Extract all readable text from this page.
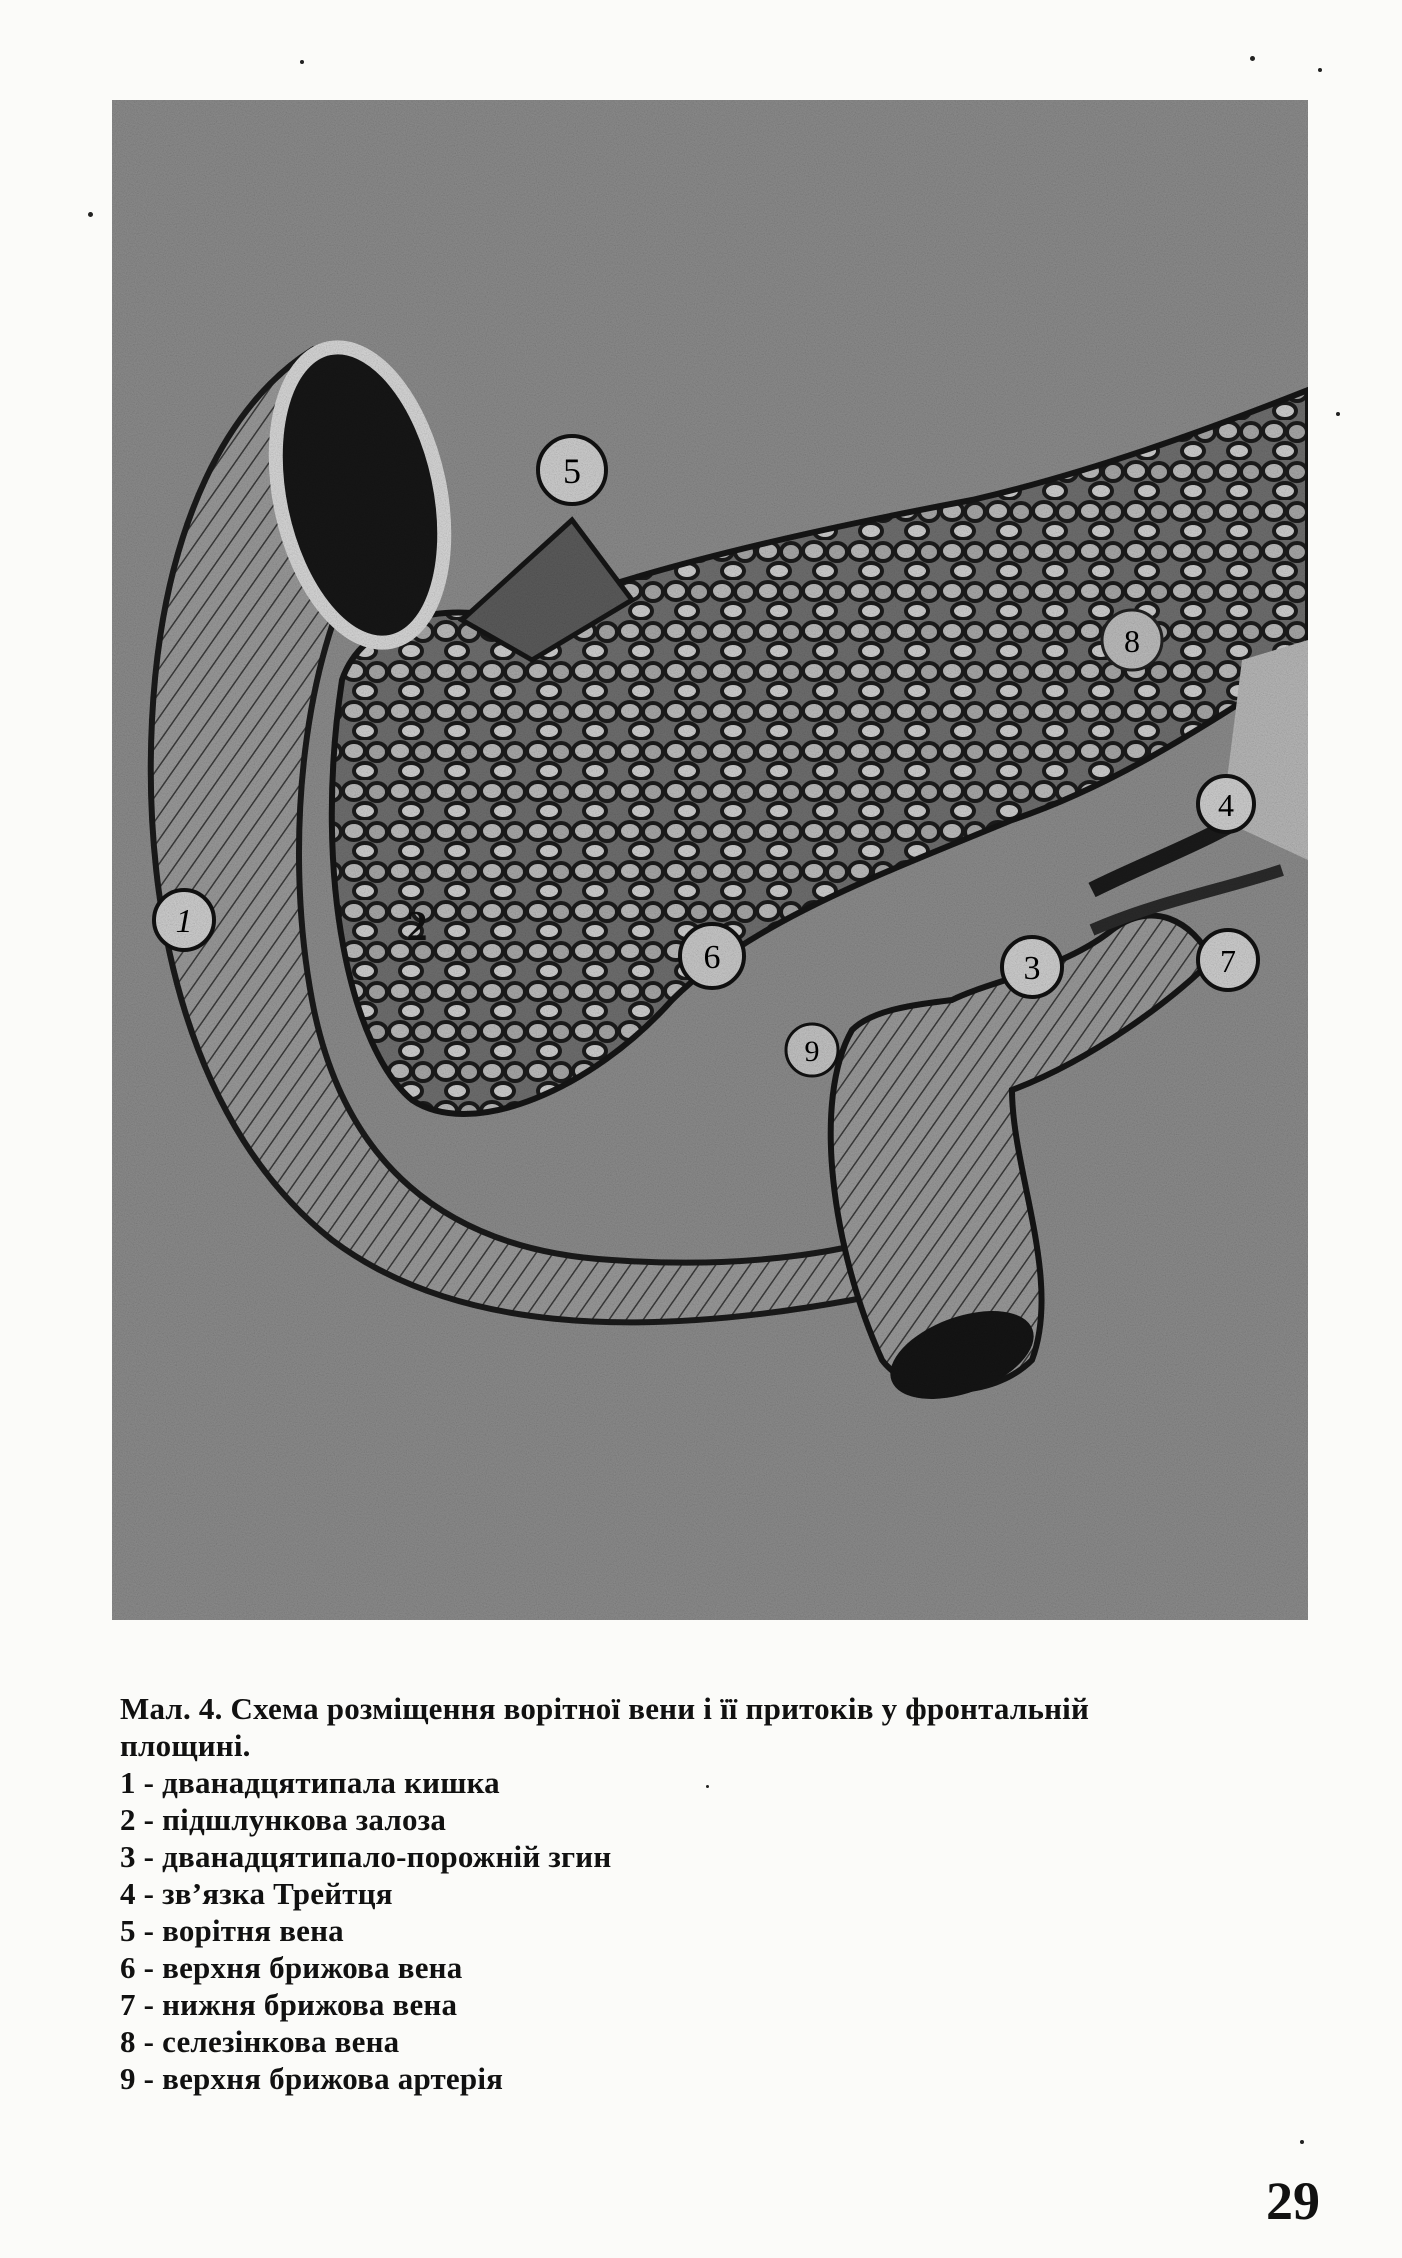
1	2
3
4
5
6	7
8
9
Мал. 4. Схема розміщення ворітної вени і її притоків у фронтальній
площині.
1 - дванадцятипала кишка
2 - підшлункова залоза
3 - дванадцятипало-порожній згин
4 - зв’язка Трейтця
5 - ворітня вена
6 - верхня брижова вена
7 - нижня брижова вена
8 - селезінкова вена
9 - верхня брижова артерія
29
